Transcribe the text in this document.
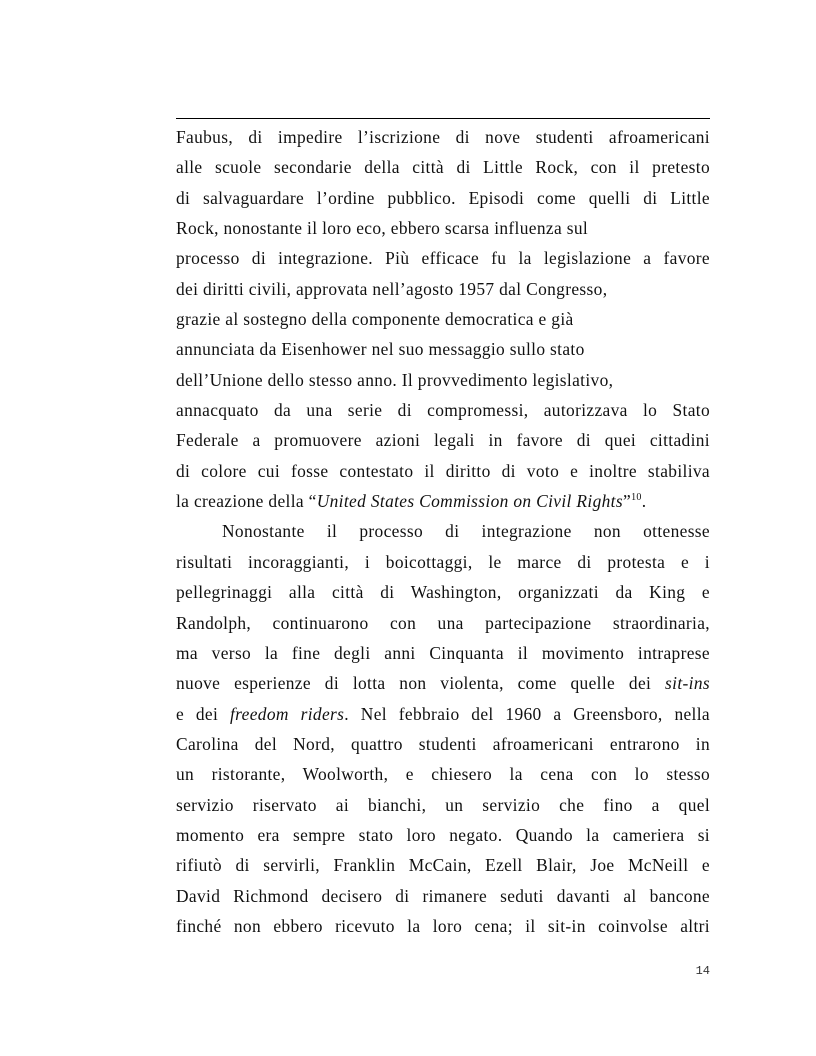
Faubus, di impedire l’iscrizione di nove studenti afroamericani
alle scuole secondarie della città di Little Rock, con il pretesto
di salvaguardare l’ordine pubblico. Episodi come quelli di Little
Rock, nonostante il loro eco, ebbero scarsa influenza sul
processo di integrazione. Più efficace fu la legislazione a favore
dei diritti civili, approvata nell’agosto 1957 dal Congresso,
grazie al sostegno della componente democratica e già
annunciata da Eisenhower nel suo messaggio sullo stato
dell’Unione dello stesso anno. Il provvedimento legislativo,
annacquato da una serie di compromessi, autorizzava lo Stato
Federale a promuovere azioni legali in favore di quei cittadini
di colore cui fosse contestato il diritto di voto e inoltre stabiliva
la creazione della “United States Commission on Civil Rights”$^{10}$.
Nonostante il processo di integrazione non ottenesse
risultati incoraggianti, i boicottaggi, le marce di protesta e i
pellegrinaggi alla città di Washington, organizzati da King e
Randolph, continuarono con una partecipazione straordinaria,
ma verso la fine degli anni Cinquanta il movimento intraprese
nuove esperienze di lotta non violenta, come quelle dei sit-ins
e dei freedom riders. Nel febbraio del 1960 a Greensboro, nella
Carolina del Nord, quattro studenti afroamericani entrarono in
un ristorante, Woolworth, e chiesero la cena con lo stesso
servizio riservato ai bianchi, un servizio che fino a quel
momento era sempre stato loro negato. Quando la cameriera si
rifiutò di servirli, Franklin McCain, Ezell Blair, Joe McNeill e
David Richmond decisero di rimanere seduti davanti al bancone
finché non ebbero ricevuto la loro cena; il sit-in coinvolse altri
14
